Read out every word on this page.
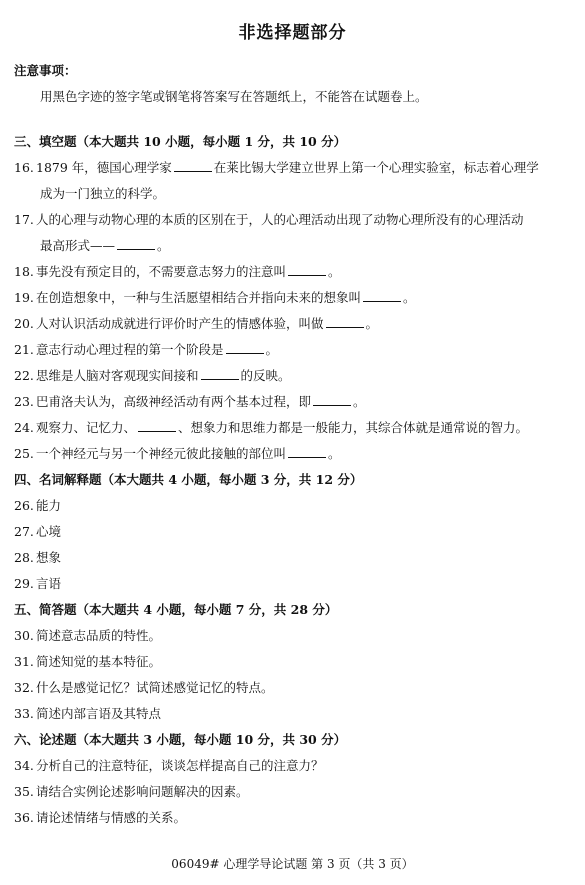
非选择题部分
注意事项：
用黑色字迹的签字笔或钢笔将答案写在答题纸上，不能答在试题卷上。
三、填空题（本大题共 10 小题，每小题 1 分，共 10 分）
16. 1879 年，德国心理学家	在莱比锡大学建立世界上第一个心理实验室，标志着心理学
成为一门独立的科学。
17. 人的心理与动物心理的本质的区别在于，人的心理活动出现了动物心理所没有的心理活动
最高形式——	。
18. 事先没有预定目的，不需要意志努力的注意叫	。
19. 在创造想象中，一种与生活愿望相结合并指向未来的想象叫	。
20. 人对认识活动成就进行评价时产生的情感体验，叫做	。
21. 意志行动心理过程的第一个阶段是	。
22. 思维是人脑对客观现实间接和	的反映。
23. 巴甫洛夫认为，高级神经活动有两个基本过程，即	。
24. 观察力、记忆力、	、想象力和思维力都是一般能力，其综合体就是通常说的智力。
25. 一个神经元与另一个神经元彼此接触的部位叫	。
四、名词解释题（本大题共 4 小题，每小题 3 分，共 12 分）
26. 能力
27. 心境
28. 想象
29. 言语
五、简答题（本大题共 4 小题，每小题 7 分，共 28 分）
30. 简述意志品质的特性。
31. 简述知觉的基本特征。
32. 什么是感觉记忆？试简述感觉记忆的特点。
33. 简述内部言语及其特点
六、论述题（本大题共 3 小题，每小题 10 分，共 30 分）
34. 分析自己的注意特征，谈谈怎样提高自己的注意力？
35. 请结合实例论述影响问题解决的因素。
36. 请论述情绪与情感的关系。
06049# 心理学导论试题 第 3 页（共 3 页）
